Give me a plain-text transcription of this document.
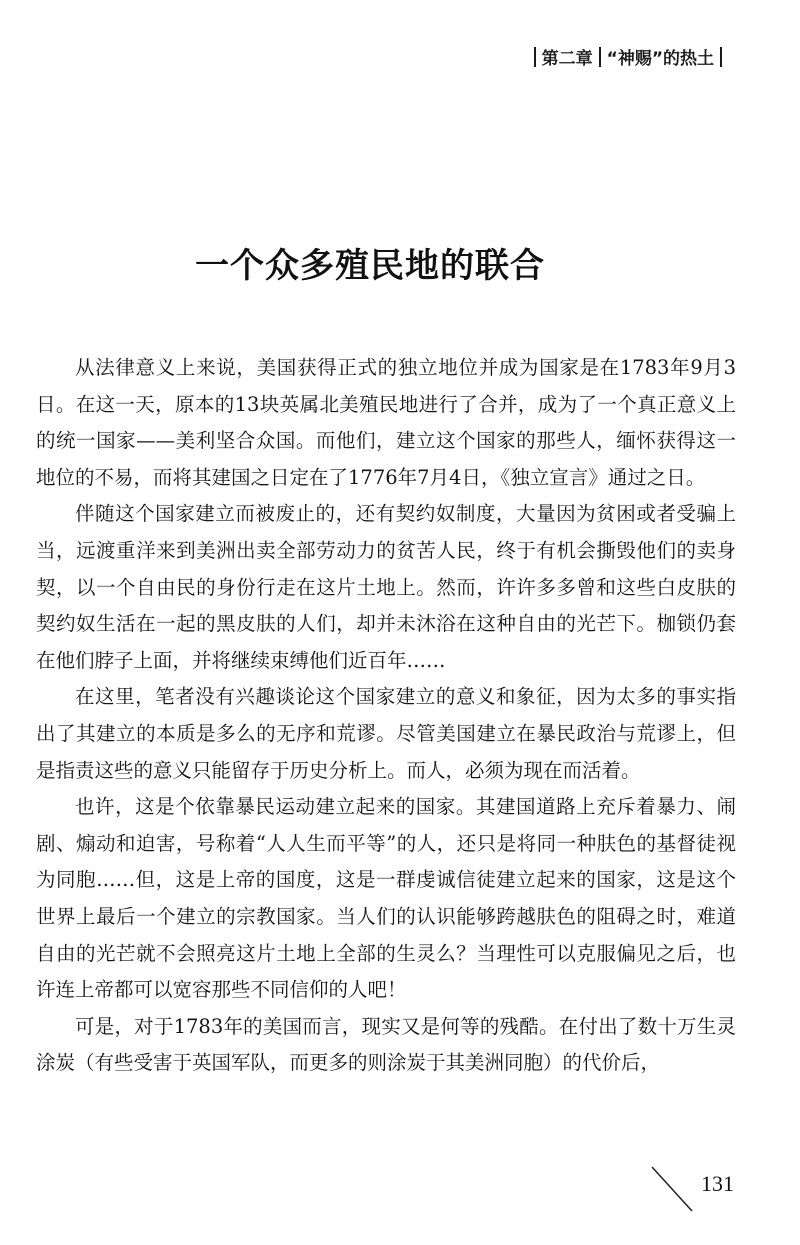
第二章 “神赐”的热土
一个众多殖民地的联合

从法律意义上来说，美国获得正式的独立地位并成为国家是在1783年9月3日。在这一天，原本的13块英属北美殖民地进行了合并，成为了一个真正意义上的统一国家——美利坚合众国。而他们，建立这个国家的那些人，缅怀获得这一地位的不易，而将其建国之日定在了1776年7月4日，《独立宣言》通过之日。

伴随这个国家建立而被废止的，还有契约奴制度，大量因为贫困或者受骗上当，远渡重洋来到美洲出卖全部劳动力的贫苦人民，终于有机会撕毁他们的卖身契，以一个自由民的身份行走在这片土地上。然而，许许多多曾和这些白皮肤的契约奴生活在一起的黑皮肤的人们，却并未沐浴在这种自由的光芒下。枷锁仍套在他们脖子上面，并将继续束缚他们近百年……

在这里，笔者没有兴趣谈论这个国家建立的意义和象征，因为太多的事实指出了其建立的本质是多么的无序和荒谬。尽管美国建立在暴民政治与荒谬上，但是指责这些的意义只能留存于历史分析上。而人，必须为现在而活着。

也许，这是个依靠暴民运动建立起来的国家。其建国道路上充斥着暴力、闹剧、煽动和迫害，号称着“人人生而平等”的人，还只是将同一种肤色的基督徒视为同胞……但，这是上帝的国度，这是一群虔诚信徒建立起来的国家，这是这个世界上最后一个建立的宗教国家。当人们的认识能够跨越肤色的阻碍之时，难道自由的光芒就不会照亮这片土地上全部的生灵么？当理性可以克服偏见之后，也许连上帝都可以宽容那些不同信仰的人吧！

可是，对于1783年的美国而言，现实又是何等的残酷。在付出了数十万生灵涂炭（有些受害于英国军队，而更多的则涂炭于其美洲同胞）的代价后，

131
